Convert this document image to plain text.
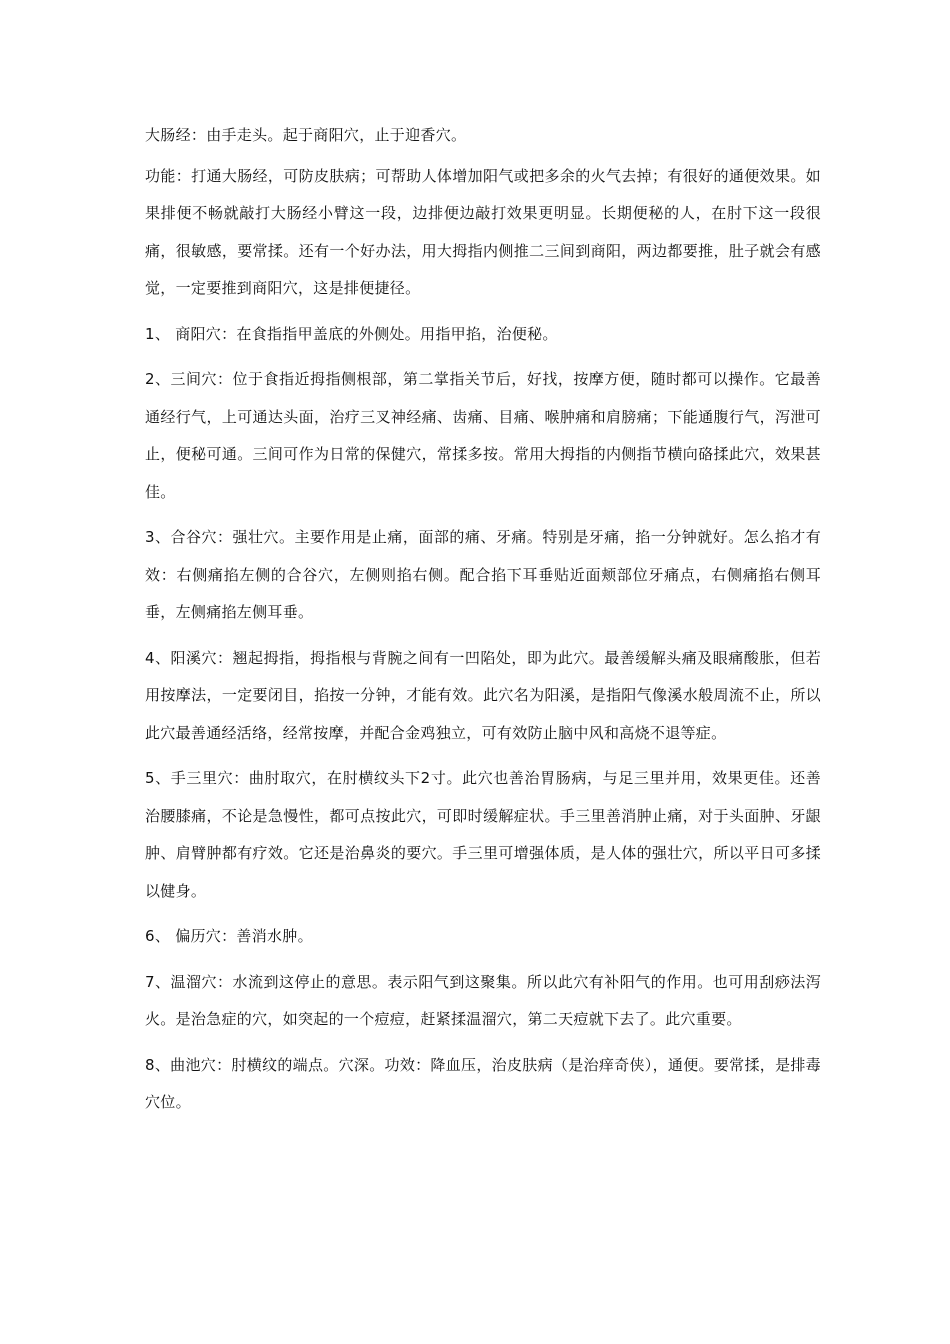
大肠经：由手走头。起于商阳穴，止于迎香穴。

功能：打通大肠经，可防皮肤病；可帮助人体增加阳气或把多余的火气去掉；有很好的通便效果。如果排便不畅就敲打大肠经小臂这一段，边排便边敲打效果更明显。长期便秘的人，在肘下这一段很痛，很敏感，要常揉。还有一个好办法，用大拇指内侧推二三间到商阳，两边都要推，肚子就会有感觉，一定要推到商阳穴，这是排便捷径。

1、 商阳穴：在食指指甲盖底的外侧处。用指甲掐，治便秘。

2、三间穴：位于食指近拇指侧根部，第二掌指关节后，好找，按摩方便，随时都可以操作。它最善通经行气，上可通达头面，治疗三叉神经痛、齿痛、目痛、喉肿痛和肩膀痛；下能通腹行气，泻泄可止，便秘可通。三间可作为日常的保健穴，常揉多按。常用大拇指的内侧指节横向硌揉此穴，效果甚佳。

3、合谷穴：强壮穴。主要作用是止痛，面部的痛、牙痛。特别是牙痛，掐一分钟就好。怎么掐才有效：右侧痛掐左侧的合谷穴，左侧则掐右侧。配合掐下耳垂贴近面颊部位牙痛点，右侧痛掐右侧耳垂，左侧痛掐左侧耳垂。

4、阳溪穴：翘起拇指，拇指根与背腕之间有一凹陷处，即为此穴。最善缓解头痛及眼痛酸胀，但若用按摩法，一定要闭目，掐按一分钟，才能有效。此穴名为阳溪，是指阳气像溪水般周流不止，所以此穴最善通经活络，经常按摩，并配合金鸡独立，可有效防止脑中风和高烧不退等症。

5、手三里穴：曲肘取穴，在肘横纹头下2寸。此穴也善治胃肠病，与足三里并用，效果更佳。还善治腰膝痛，不论是急慢性，都可点按此穴，可即时缓解症状。手三里善消肿止痛，对于头面肿、牙龈肿、肩臂肿都有疗效。它还是治鼻炎的要穴。手三里可增强体质，是人体的强壮穴，所以平日可多揉以健身。

6、 偏历穴：善消水肿。

7、温溜穴：水流到这停止的意思。表示阳气到这聚集。所以此穴有补阳气的作用。也可用刮痧法泻火。是治急症的穴，如突起的一个痘痘，赶紧揉温溜穴，第二天痘就下去了。此穴重要。

8、曲池穴：肘横纹的端点。穴深。功效：降血压，治皮肤病（是治痒奇侠），通便。要常揉，是排毒穴位。
